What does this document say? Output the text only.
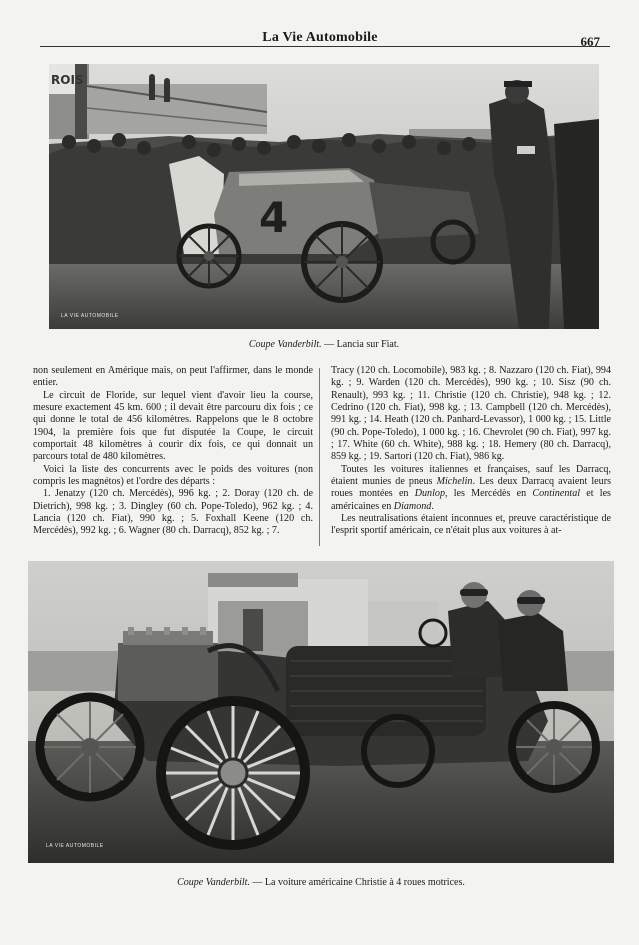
La Vie Automobile	667
4
ROIS
LA VIE AUTOMOBILE
Coupe Vanderbilt. — Lancia sur Fiat.

non seulement en Amérique mais, on peut l'affirmer, dans le monde entier.

Le circuit de Floride, sur lequel vient d'avoir lieu la course, mesure exactement 45 km. 600 ; il devait être parcouru dix fois ; ce qui donne le total de 456 kilomètres. Rappelons que le 8 octobre 1904, la première fois que fut disputée la Coupe, le circuit comportait 48 kilomètres à courir dix fois, ce qui donnait un parcours total de 480 kilomètres.

Voici la liste des concurrents avec le poids des voitures (non compris les magnétos) et l'ordre des départs :

1. Jenatzy (120 ch. Mercédès), 996 kg. ; 2. Doray (120 ch. de Dietrich), 998 kg. ; 3. Dingley (60 ch. Pope-Toledo), 962 kg. ; 4. Lancia (120 ch. Fiat), 990 kg. ; 5. Foxhall Keene (120 ch. Mercédès), 992 kg. ; 6. Wagner (80 ch. Darracq), 852 kg. ; 7.

Tracy (120 ch. Locomobile), 983 kg. ; 8. Nazzaro (120 ch. Fiat), 994 kg. ; 9. Warden (120 ch. Mercédès), 990 kg. ; 10. Sisz (90 ch. Renault), 993 kg. ; 11. Christie (120 ch. Christie), 948 kg. ; 12. Cedrino (120 ch. Fiat), 998 kg. ; 13. Campbell (120 ch. Mercédès), 991 kg. ; 14. Heath (120 ch. Panhard-Levassor), 1 000 kg. ; 15. Little (90 ch. Pope-Toledo), 1 000 kg. ; 16. Chevrolet (90 ch. Fiat), 997 kg. ; 17. White (60 ch. White), 988 kg. ; 18. Hemery (80 ch. Darracq), 859 kg. ; 19. Sartori (120 ch. Fiat), 986 kg.

Toutes les voitures italiennes et françaises, sauf les Darracq, étaient munies de pneus Michelin. Les deux Darracq avaient leurs roues montées en Dunlop, les Mercédès en Continental et les américaines en Diamond.

Les neutralisations étaient inconnues et, preuve caractéristique de l'esprit sportif américain, ce n'était plus aux voitures à at-

LA VIE AUTOMOBILE
Coupe Vanderbilt. — La voiture américaine Christie à 4 roues motrices.
